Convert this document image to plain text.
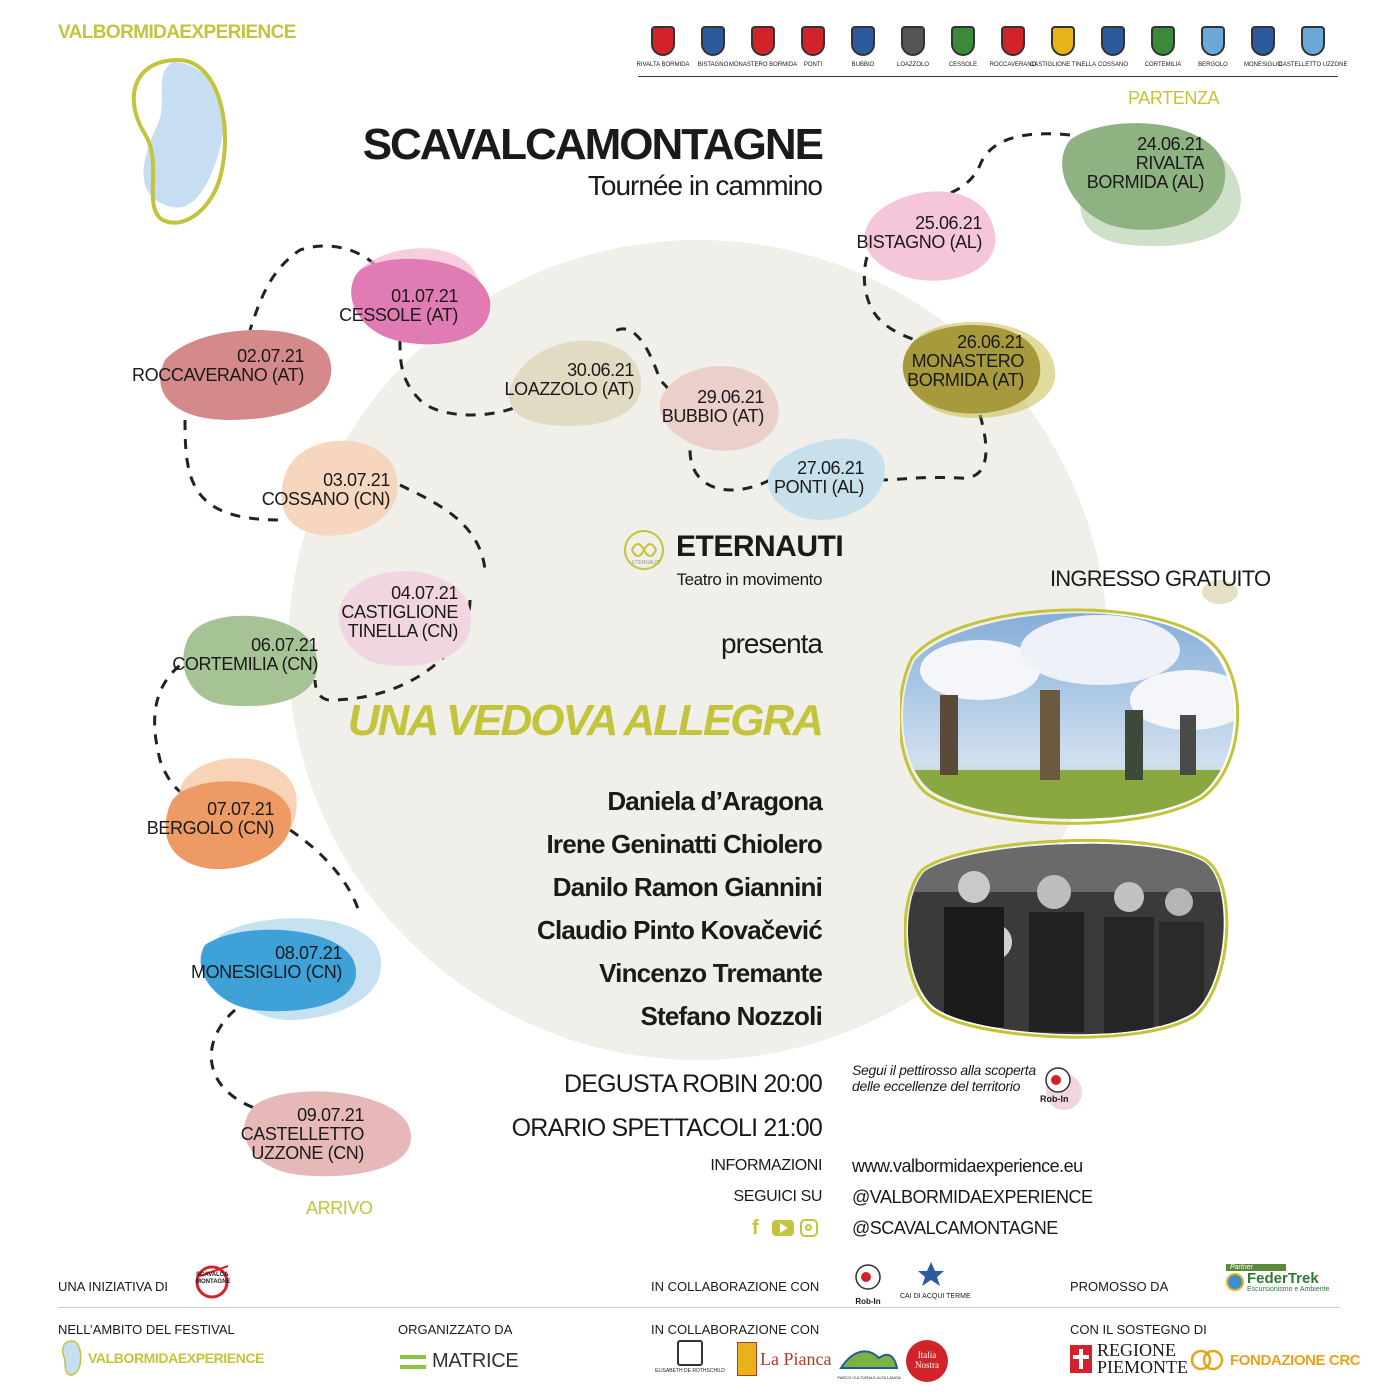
VALBORMIDAEXPERIENCE
RIVALTA BORMIDA BISTAGNO MONASTERO BORMIDA PONTI	BUBBIO	LOAZZOLO	CESSOLE ROCCAVERANO
CASTIGLIONE TINELLA COSSANO	CORTEMILIA	BERGOLO	MONESIGLIO
CASTELLETTO UZZONE
SCAVALCAMONTAGNE
Tournée in cammino
PARTENZA
ARRIVO
24.06.21
RIVALTA
BORMIDA (AL)
25.06.21
BISTAGNO (AL)
26.06.21
MONASTERO
BORMIDA (AT)
27.06.21
PONTI (AL)
29.06.21
BUBBIO (AT)
30.06.21
LOAZZOLO (AT)
01.07.21
CESSOLE (AT)
02.07.21
ROCCAVERANO (AT)
03.07.21
COSSANO (CN)
04.07.21
CASTIGLIONE
TINELLA (CN)
06.07.21
CORTEMILIA (CN)
07.07.21
BERGOLO (CN)
08.07.21
MONESIGLIO (CN)
09.07.21
CASTELLETTO
UZZONE (CN)
ETERNAUTI ETERNAUTI
Teatro in movimento
presenta
UNA VEDOVA ALLEGRA
Daniela d’Aragona
Irene Geninatti Chiolero
Danilo Ramon Giannini
Claudio Pinto Kovačević
Vincenzo Tremante
Stefano Nozzoli
DEGUSTA ROBIN 20:00
ORARIO SPETTACOLI 21:00
INFORMAZIONI
SEGUICI SU
f
www.valbormidaexperience.eu
@VALBORMIDAEXPERIENCE
@SCAVALCAMONTAGNE
INGRESSO GRATUITO
Segui il pettirosso alla scoperta
delle eccellenze del territorio
Rob-In
UNA INIZIATIVA DI
SCAVALCA MONTAGNE	IN COLLABORAZIONE CON
Rob-In
CAI DI ACQUI TERME
PROMOSSO DA
Partner
FederTrek
Escursionismo e Ambiente
NELL’AMBITO DEL FESTIVAL
VALBORMIDAEXPERIENCE
ORGANIZZATO DA
MATRICE
IN COLLABORAZIONE CON
ELISABETH DE ROTHSCHILD
La Pianca
PARCO CULTURALE ALTA LANGA
Italia Nostra
CON IL SOSTEGNO DI
REGIONE
PIEMONTE	FONDAZIONE CRC
